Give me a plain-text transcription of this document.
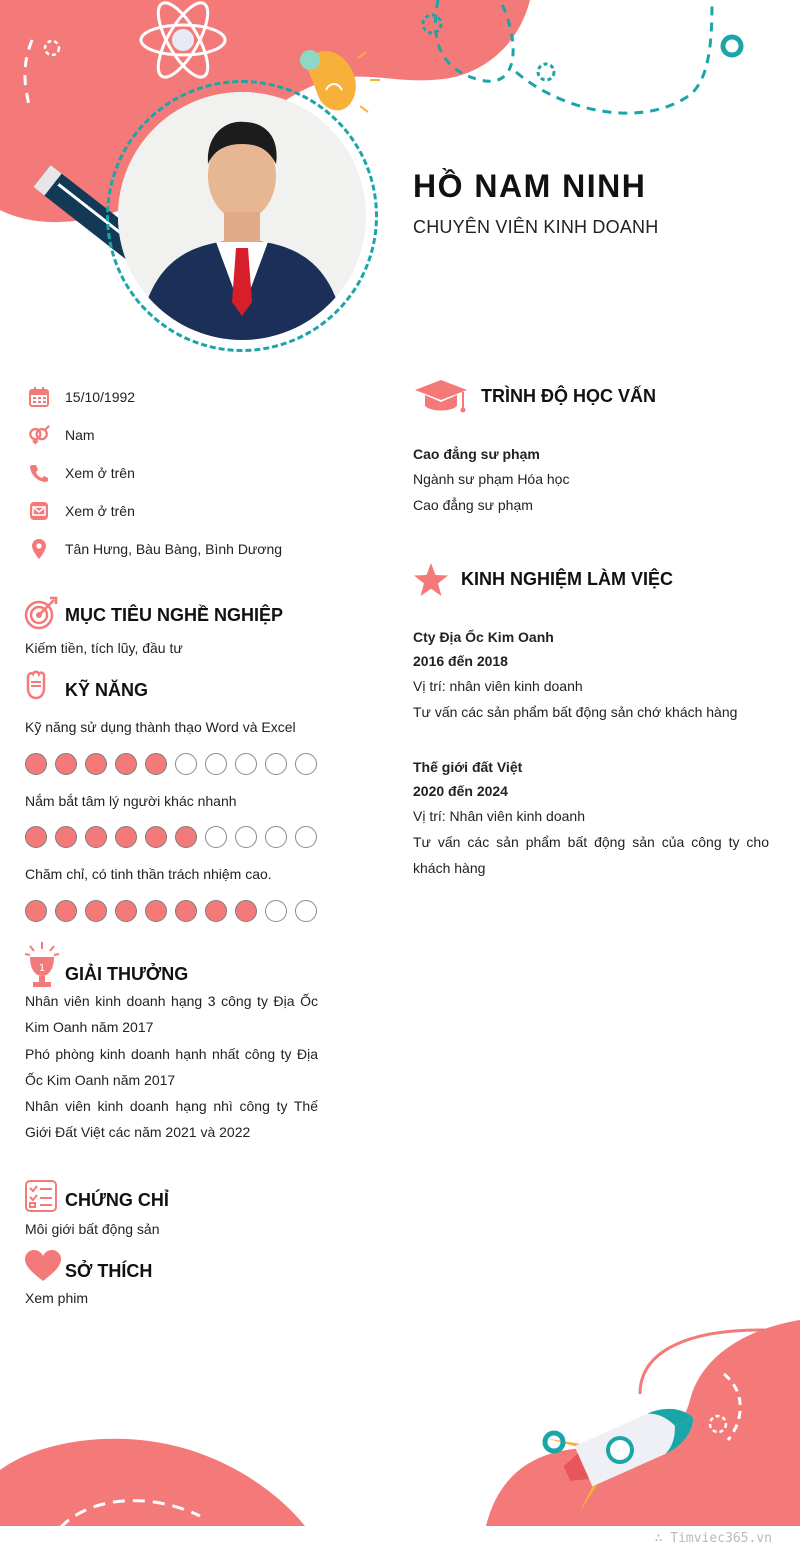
HỒ NAM NINH
CHUYÊN VIÊN KINH DOANH
15/10/1992
Nam
Xem ở trên
Xem ở trên
Tân Hưng, Bàu Bàng, Bình Dương
MỤC TIÊU NGHỀ NGHIỆP
Kiếm tiền, tích lũy, đầu tư
KỸ NĂNG
Kỹ năng sử dụng thành thạo Word và Excel
Nắm bắt tâm lý người khác nhanh
Chăm chỉ, có tinh thần trách nhiệm cao.
1 GIẢI THƯỞNG
Nhân viên kinh doanh hạng 3 công ty Địa Ốc Kim Oanh năm 2017
Phó phòng kinh doanh hạnh nhất công ty Địa Ốc Kim Oanh năm 2017
Nhân viên kinh doanh hạng nhì công ty Thế Giới Đất Việt các năm 2021 và 2022
CHỨNG CHỈ
Môi giới bất động sản
SỞ THÍCH
Xem phim
TRÌNH ĐỘ HỌC VẤN
Cao đẳng sư phạm
Ngành sư phạm Hóa học
Cao đẳng sư phạm
KINH NGHIỆM LÀM VIỆC
Cty Địa Ốc Kim Oanh
2016 đến 2018
Vị trí: nhân viên kinh doanh
Tư vấn các sản phẩm bất động sản chớ khách hàng
Thế giới đất Việt
2020 đến 2024
Vị trí: Nhân viên kinh doanh
Tư vấn các sản phẩm bất động sản của công ty cho khách hàng
∴ Timviec365.vn
